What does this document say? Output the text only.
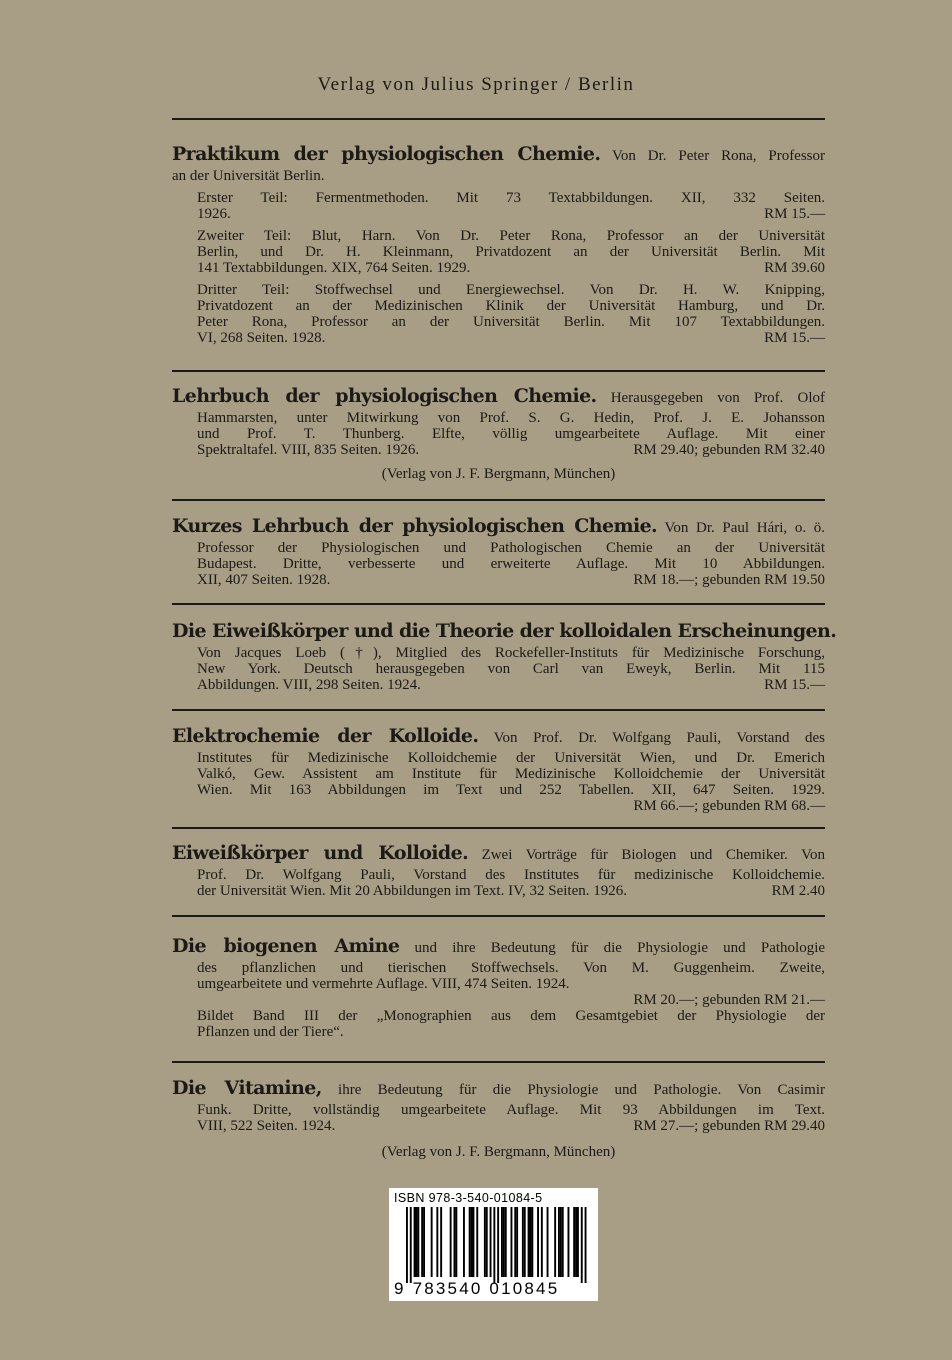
Verlag von Julius Springer / Berlin
Praktikum der physiologischen Chemie. Von Dr. Peter Rona, Professor
an der Universität Berlin.
Erster Teil: Fermentmethoden. Mit 73 Textabbildungen. XII, 332 Seiten.
1926.	RM 15.—
Zweiter Teil: Blut, Harn. Von Dr. Peter Rona, Professor an der Universität
Berlin, und Dr. H. Kleinmann, Privatdozent an der Universität Berlin. Mit
141 Textabbildungen. XIX, 764 Seiten. 1929.	RM 39.60
Dritter Teil: Stoffwechsel und Energiewechsel. Von Dr. H. W. Knipping,
Privatdozent an der Medizinischen Klinik der Universität Hamburg, und Dr.
Peter Rona, Professor an der Universität Berlin. Mit 107 Textabbildungen.
VI, 268 Seiten. 1928.	RM 15.—
Lehrbuch der physiologischen Chemie. Herausgegeben von Prof. Olof
Hammarsten, unter Mitwirkung von Prof. S. G. Hedin, Prof. J. E. Johansson
und Prof. T. Thunberg. Elfte, völlig umgearbeitete Auflage. Mit einer
Spektraltafel. VIII, 835 Seiten. 1926.	RM 29.40; gebunden RM 32.40
(Verlag von J. F. Bergmann, München)
Kurzes Lehrbuch der physiologischen Chemie. Von Dr. Paul Hári, o. ö.
Professor der Physiologischen und Pathologischen Chemie an der Universität
Budapest. Dritte, verbesserte und erweiterte Auflage. Mit 10 Abbildungen.
XII, 407 Seiten. 1928.	RM 18.—; gebunden RM 19.50
Die Eiweißkörper und die Theorie der kolloidalen Erscheinungen.
Von Jacques Loeb (†), Mitglied des Rockefeller-Instituts für Medizinische Forschung,
New York. Deutsch herausgegeben von Carl van Eweyk, Berlin. Mit 115
Abbildungen. VIII, 298 Seiten. 1924.	RM 15.—
Elektrochemie der Kolloide. Von Prof. Dr. Wolfgang Pauli, Vorstand des
Institutes für Medizinische Kolloidchemie der Universität Wien, und Dr. Emerich
Valkó, Gew. Assistent am Institute für Medizinische Kolloidchemie der Universität
Wien. Mit 163 Abbildungen im Text und 252 Tabellen. XII, 647 Seiten. 1929.
RM 66.—; gebunden RM 68.—
Eiweißkörper und Kolloide. Zwei Vorträge für Biologen und Chemiker. Von
Prof. Dr. Wolfgang Pauli, Vorstand des Institutes für medizinische Kolloidchemie.
der Universität Wien. Mit 20 Abbildungen im Text. IV, 32 Seiten. 1926.	RM 2.40
Die biogenen Amine und ihre Bedeutung für die Physiologie und Pathologie
des pflanzlichen und tierischen Stoffwechsels. Von M. Guggenheim. Zweite,
umgearbeitete und vermehrte Auflage. VIII, 474 Seiten. 1924.
RM 20.—; gebunden RM 21.—
Bildet Band III der „Monographien aus dem Gesamtgebiet der Physiologie der
Pflanzen und der Tiere“.
Die Vitamine, ihre Bedeutung für die Physiologie und Pathologie. Von Casimir
Funk. Dritte, vollständig umgearbeitete Auflage. Mit 93 Abbildungen im Text.
VIII, 522 Seiten. 1924.	RM 27.—; gebunden RM 29.40
(Verlag von J. F. Bergmann, München)
ISBN 978-3-540-01084-5
9 783540 010845
